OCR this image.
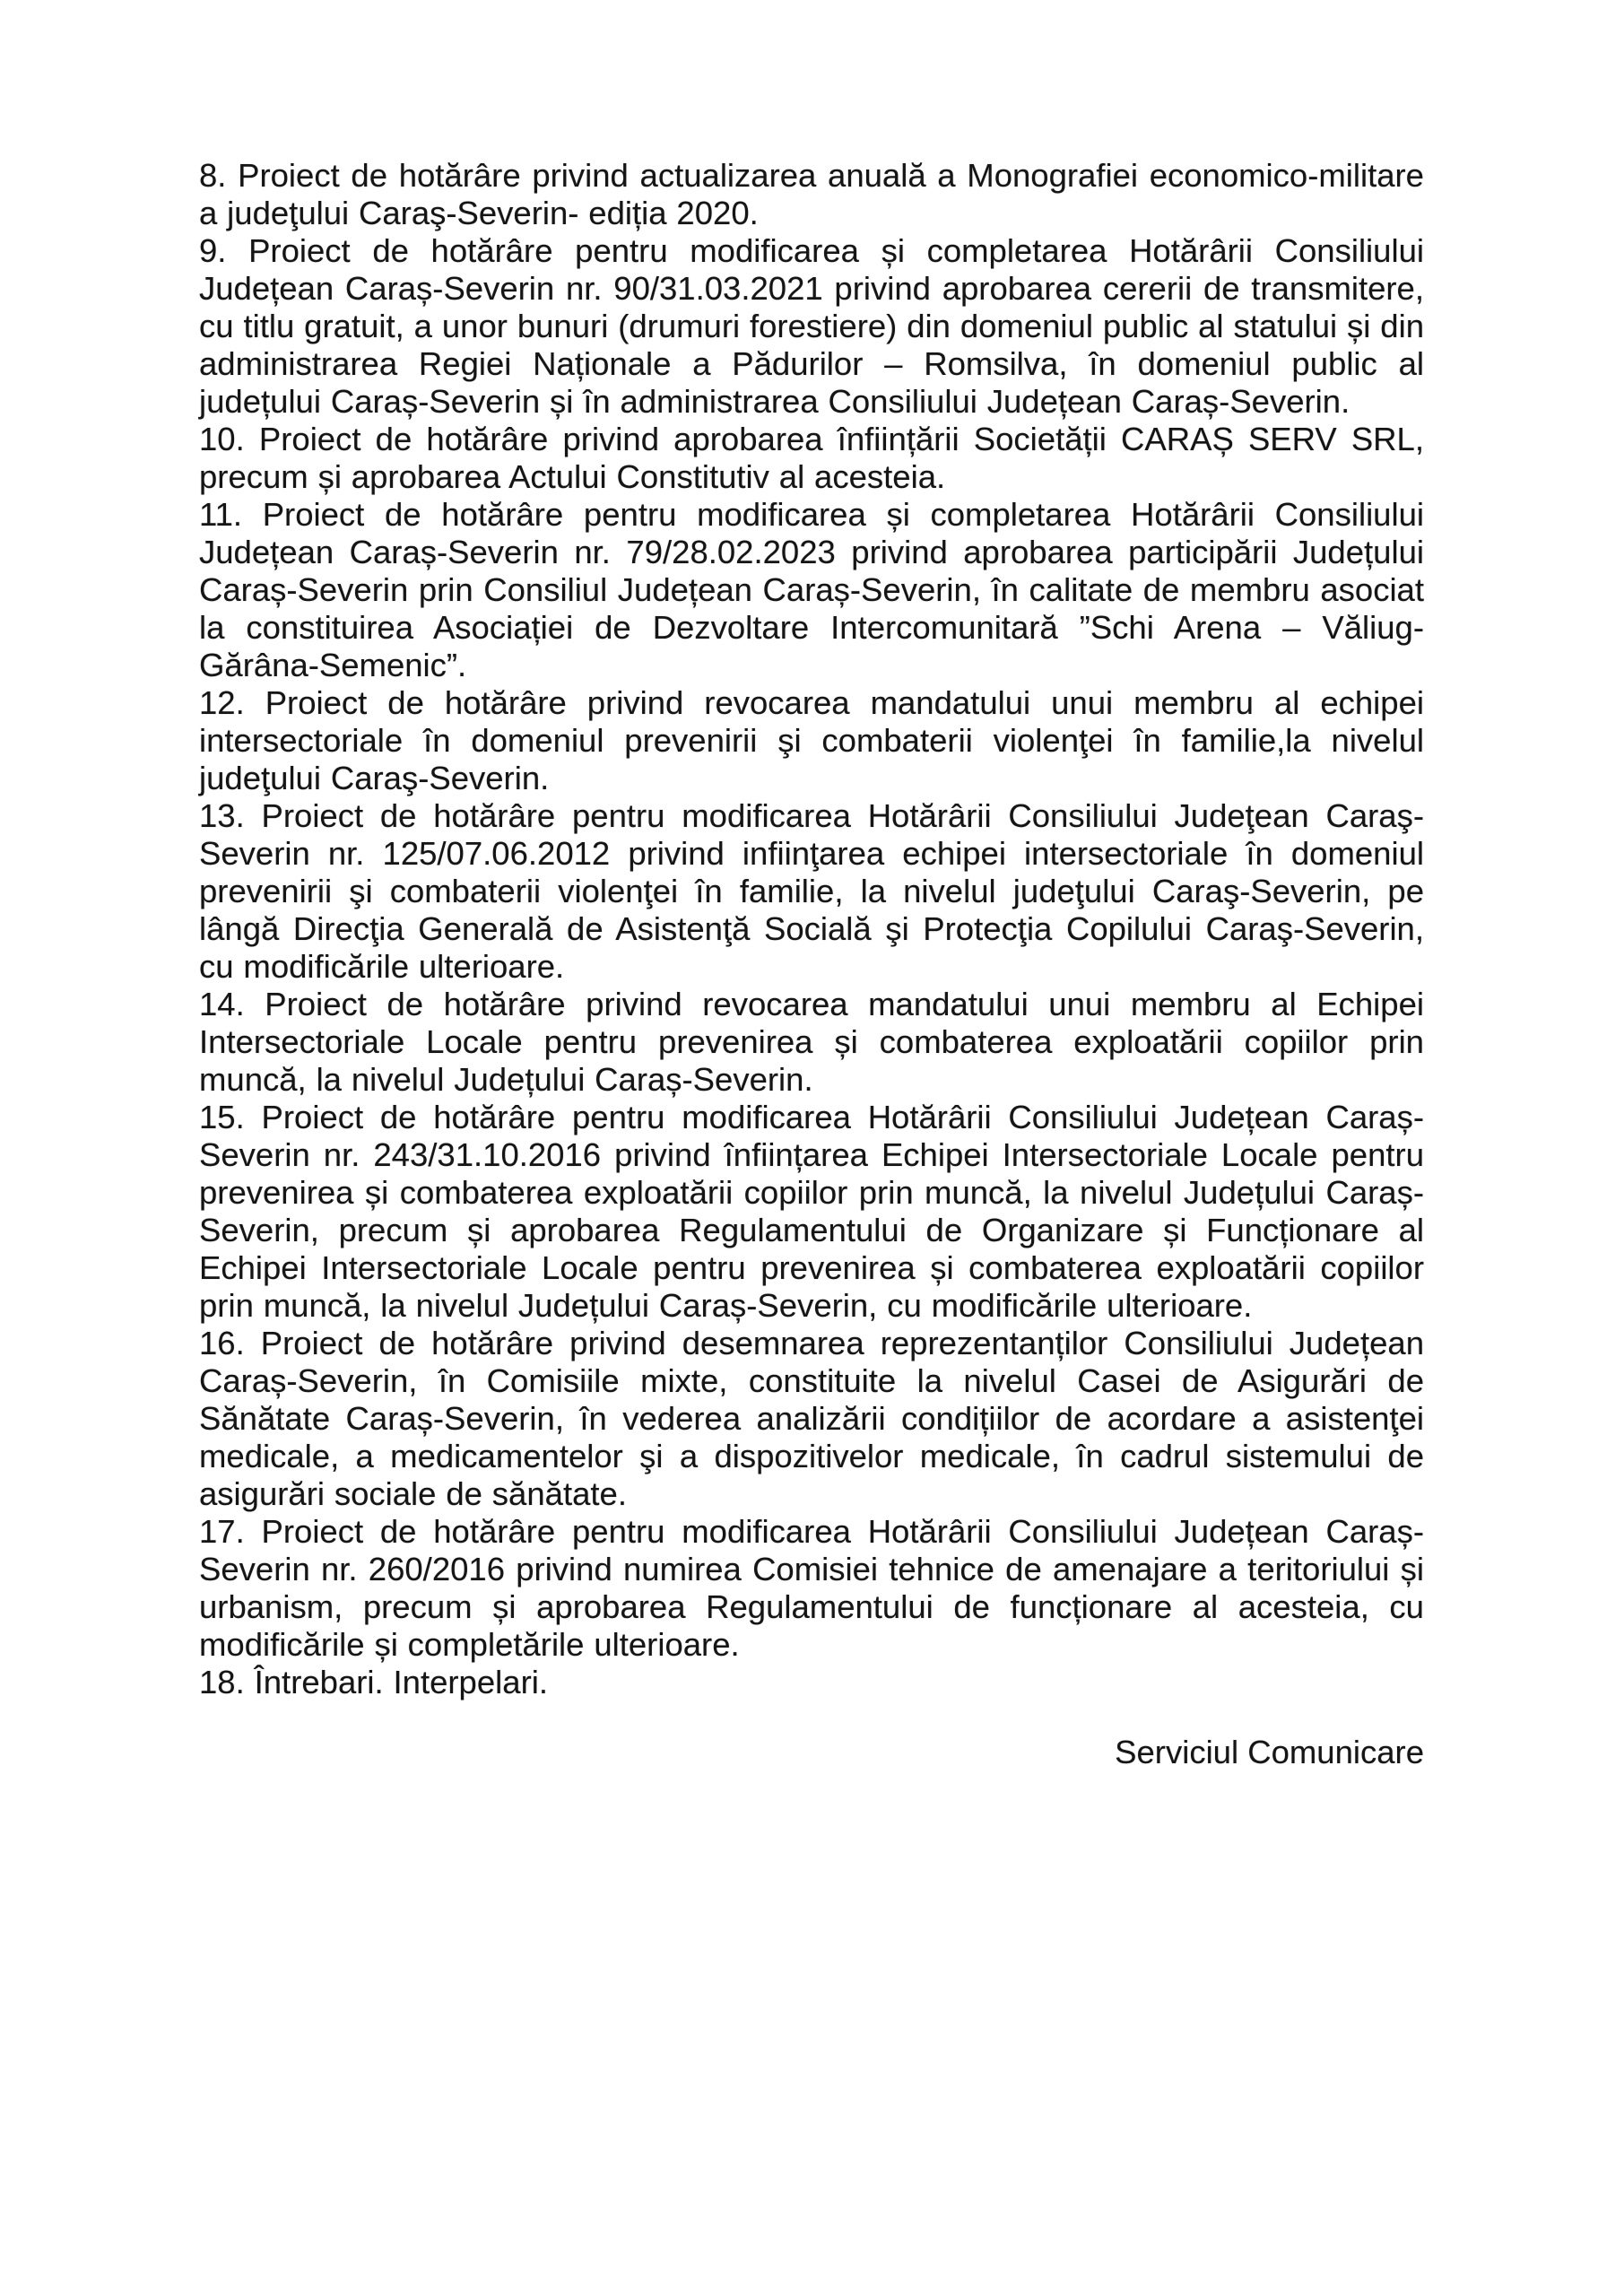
8. Proiect de hotărâre privind actualizarea anuală a Monografiei economico-militare a judeţului Caraş-Severin- ediția 2020.

9. Proiect de hotărâre pentru modificarea și completarea Hotărârii Consiliului Județean Caraș-Severin nr. 90/31.03.2021 privind aprobarea cererii de transmitere, cu titlu gratuit, a unor bunuri (drumuri forestiere) din domeniul public al statului și din administrarea Regiei Naționale a Pădurilor – Romsilva, în domeniul public al județului Caraș-Severin și în administrarea Consiliului Județean Caraș-Severin.

10. Proiect de hotărâre privind aprobarea înființării Societății CARAȘ SERV SRL, precum și aprobarea Actului Constitutiv al acesteia.

11. Proiect de hotărâre pentru modificarea și completarea Hotărârii Consiliului Județean Caraș-Severin nr. 79/28.02.2023 privind aprobarea participării Județului Caraș-Severin prin Consiliul Județean Caraș-Severin, în calitate de membru asociat la constituirea Asociației de Dezvoltare Intercomunitară ”Schi Arena – Văliug-Gărâna-Semenic”.

12. Proiect de hotărâre privind revocarea mandatului unui membru al echipei intersectoriale în domeniul prevenirii şi combaterii violenţei în familie,la nivelul judeţului Caraş-Severin.

13. Proiect de hotărâre pentru modificarea Hotărârii Consiliului Judeţean Caraş-Severin nr. 125/07.06.2012 privind infiinţarea echipei intersectoriale în domeniul prevenirii şi combaterii violenţei în familie, la nivelul judeţului Caraş-Severin, pe lângă Direcţia Generală de Asistenţă Socială şi Protecţia Copilului Caraş-Severin, cu modificările ulterioare.

14. Proiect de hotărâre privind revocarea mandatului unui membru al Echipei Intersectoriale Locale pentru prevenirea și combaterea exploatării copiilor prin muncă, la nivelul Județului Caraș-Severin.

15. Proiect de hotărâre pentru modificarea Hotărârii Consiliului Județean Caraș-Severin nr. 243/31.10.2016 privind înființarea Echipei Intersectoriale Locale pentru prevenirea și combaterea exploatării copiilor prin muncă, la nivelul Județului Caraș-Severin, precum și aprobarea Regulamentului de Organizare și Funcționare al Echipei Intersectoriale Locale pentru prevenirea și combaterea exploatării copiilor prin muncă, la nivelul Județului Caraș-Severin, cu modificările ulterioare.

16. Proiect de hotărâre privind desemnarea reprezentanților Consiliului Județean Caraș-Severin, în Comisiile mixte, constituite la nivelul Casei de Asigurări de Sănătate Caraș-Severin, în vederea analizării condițiilor de acordare a asistenţei medicale, a medicamentelor şi a dispozitivelor medicale, în cadrul sistemului de asigurări sociale de sănătate.

17. Proiect de hotărâre pentru modificarea Hotărârii Consiliului Județean Caraș-Severin nr. 260/2016 privind numirea Comisiei tehnice de amenajare a teritoriului și urbanism, precum și aprobarea Regulamentului de funcționare al acesteia, cu modificările și completările ulterioare.

18. Întrebari. Interpelari.

Serviciul Comunicare
